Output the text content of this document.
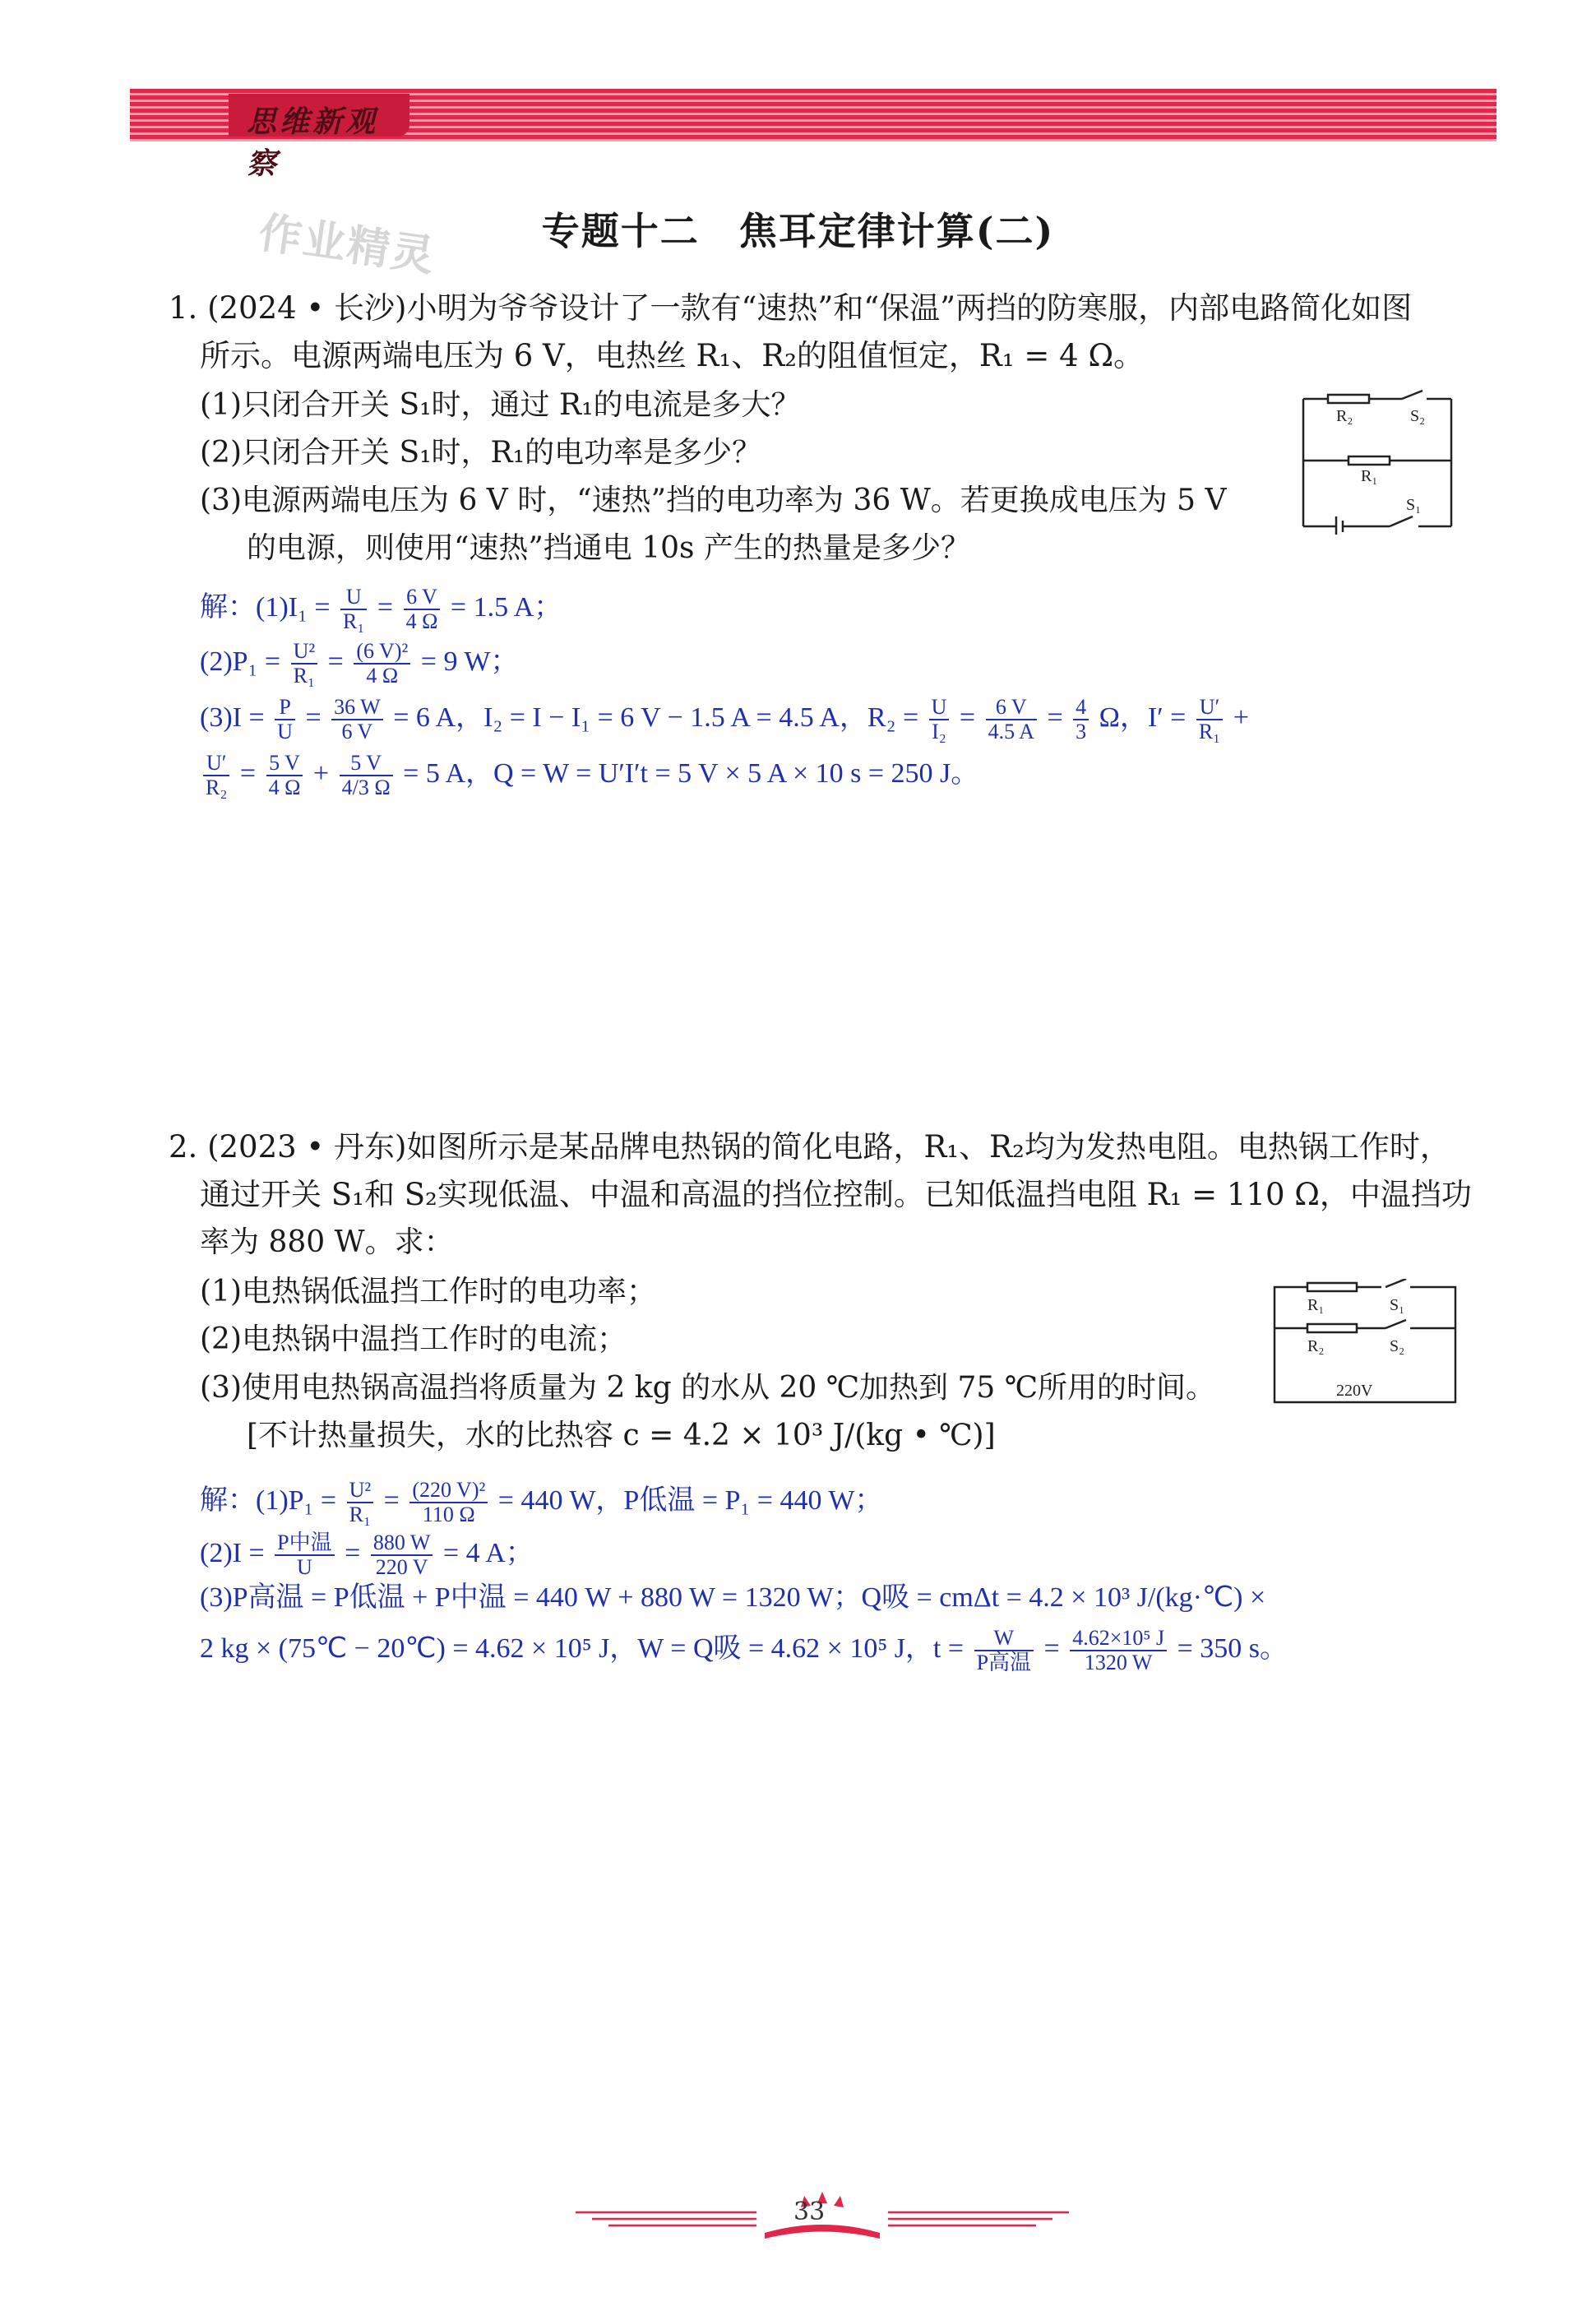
思维新观察
作业精灵	专题十二　焦耳定律计算(二)
1. (2024 • 长沙)小明为爷爷设计了一款有“速热”和“保温”两挡的防寒服，内部电路简化如图
所示。电源两端电压为 6 V，电热丝 R₁、R₂的阻值恒定，R₁ = 4 Ω。
(1)只闭合开关 S₁时，通过 R₁的电流是多大？
(2)只闭合开关 S₁时，R₁的电功率是多少？
(3)电源两端电压为 6 V 时，“速热”挡的电功率为 36 W。若更换成电压为 5 V
的电源，则使用“速热”挡通电 10s 产生的热量是多少？
R₂	S₂
R₁
S₁
解：$(1)I_1 = \frac{U}{\text{R₁}} = \frac{6 V}{4 \Omega} = 1.5$ A；
$(2)P_1 = \frac{\text{U²}}{\text{R₁}} = \frac{\text{(6 V)²}}{4 \Omega} = 9$ W；
$(3)I = \frac{P}{U} = \frac{36 W}{6 V} = 6$ A，I₂ = I − I₁ = 6 V − 1.5 A = 4.5 A，$R_2 = \frac{U}{\text{I₂}} = \frac{6 V}{4.5 A} = \frac{4}{3}$ Ω，$I' = \frac{U'}{\text{R₁}}$ +
$\frac{U'}{\text{R₂}} = \frac{5 V}{4 \Omega} + \frac{5 V}{4/3 \Omega} = 5$ A，Q = W = U′I′t = 5 V × 5 A × 10 s = 250 J。
2. (2023 • 丹东)如图所示是某品牌电热锅的简化电路，R₁、R₂均为发热电阻。电热锅工作时，
通过开关 S₁和 S₂实现低温、中温和高温的挡位控制。已知低温挡电阻 R₁ = 110 Ω，中温挡功
率为 880 W。求：
(1)电热锅低温挡工作时的电功率；
(2)电热锅中温挡工作时的电流；
(3)使用电热锅高温挡将质量为 2 kg 的水从 20 ℃加热到 75 ℃所用的时间。
[不计热量损失，水的比热容 c = 4.2 × 10³ J/(kg • ℃)]
R₁	S₁
R₂	S₂
220V
解：$(1)P_1 = \frac{\text{U²}}{\text{R₁}} = \frac{\text{(220 V)²}}{110 \Omega} = 440$ W，P低温 = P₁ = 440 W；
$(2)I = \frac{\text{P中温}}{U} = \frac{880 W}{220 V} = 4$ A；
(3)P高温 = P低温 + P中温 = 440 W + 880 W = 1320 W；Q吸 = cmΔt = 4.2 × 10³ J/(kg·℃) ×
2 kg × (75℃ − 20℃) = 4.62 × 10⁵ J，W = Q吸 = 4.62 × 10⁵ J，$t = \frac{W}{\text{P高温}} = \frac{\text{4.62×10⁵ J}}{1320 W} = 350$ s。
33
